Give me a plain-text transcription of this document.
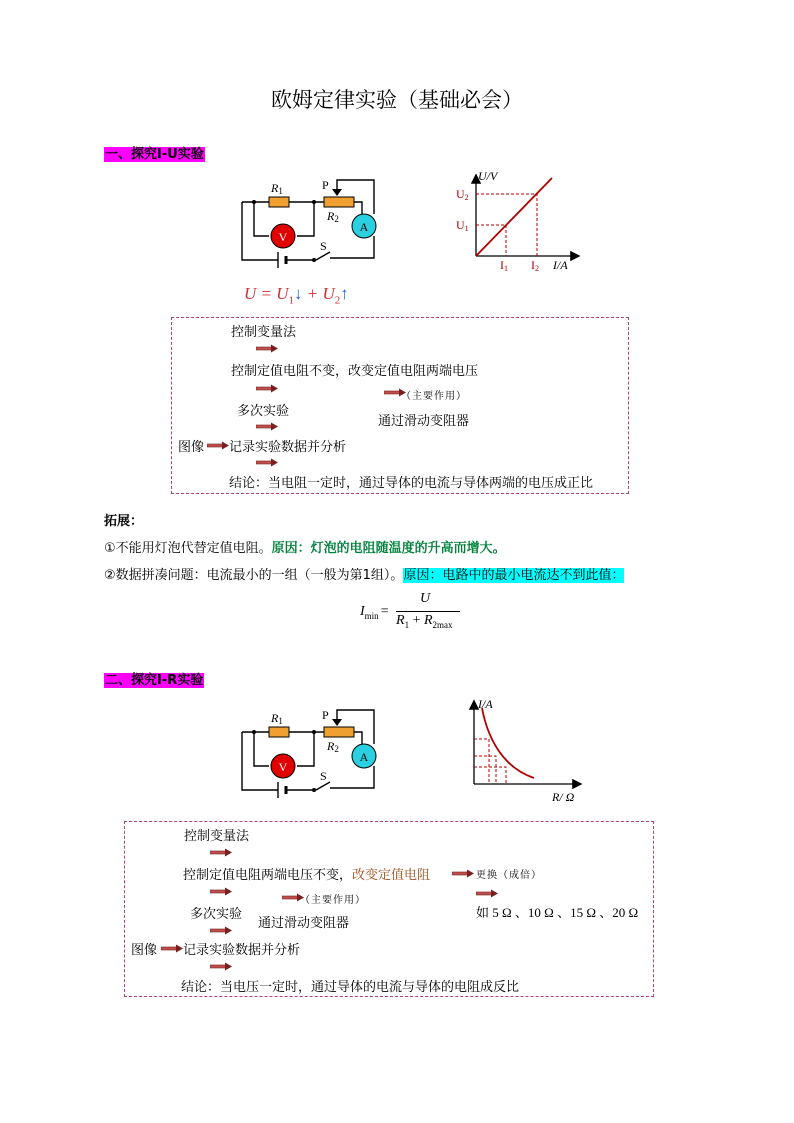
欧姆定律实验（基础必会）
一、探究I-U实验
V
A
R1
R2
P
S
U/V
I/A
U2
U1
I1 I2
$U = U_1↓$ + $U_2↑$
控制变量法
控制定值电阻不变，改变定值电阻两端电压
（主要作用）
多次实验
通过滑动变阻器
图像 记录实验数据并分析
结论：当电阻一定时，通过导体的电流与导体两端的电压成正比
拓展：
①不能用灯泡代替定值电阻。原因：灯泡的电阻随温度的升高而增大。
②数据拼凑问题：电流最小的一组（一般为第1组）。原因：电路中的最小电流达不到此值：
$I_{min}$ =
U
$R_1 + R_{2max}$
二、探究I-R实验
V
A
R1
R2
P
S
I/A
R/ Ω
控制变量法
控制定值电阻两端电压不变，改变定值电阻	更换（成倍）
（主要作用）
如 5 Ω 、10 Ω 、15 Ω 、20 Ω
多次实验
通过滑动变阻器
图像 记录实验数据并分析
结论：当电压一定时，通过导体的电流与导体的电阻成反比
